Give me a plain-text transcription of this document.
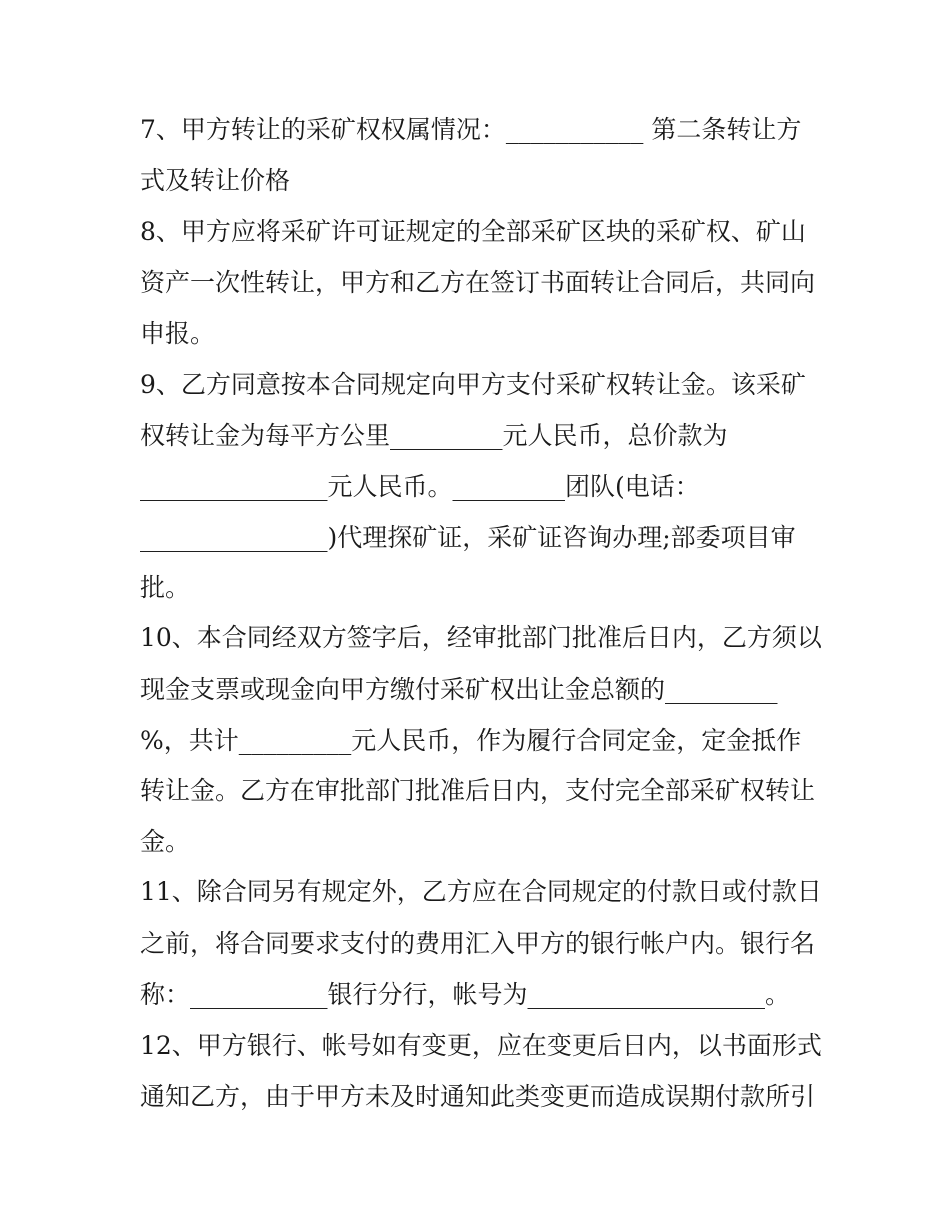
7、甲方转让的采矿权权属情况：___________ 第二条转让方
式及转让价格
8、甲方应将采矿许可证规定的全部采矿区块的采矿权、矿山
资产一次性转让，甲方和乙方在签订书面转让合同后，共同向
申报。
9、乙方同意按本合同规定向甲方支付采矿权转让金。该采矿
权转让金为每平方公里_________元人民币，总价款为
_______________元人民币。_________团队(电话：
_______________)代理探矿证，采矿证咨询办理;部委项目审
批。
10、本合同经双方签字后，经审批部门批准后日内，乙方须以
现金支票或现金向甲方缴付采矿权出让金总额的_________
%，共计_________元人民币，作为履行合同定金，定金抵作
转让金。乙方在审批部门批准后日内，支付完全部采矿权转让
金。
11、除合同另有规定外，乙方应在合同规定的付款日或付款日
之前，将合同要求支付的费用汇入甲方的银行帐户内。银行名
称：___________银行分行，帐号为___________________。
12、甲方银行、帐号如有变更，应在变更后日内，以书面形式
通知乙方，由于甲方未及时通知此类变更而造成误期付款所引
